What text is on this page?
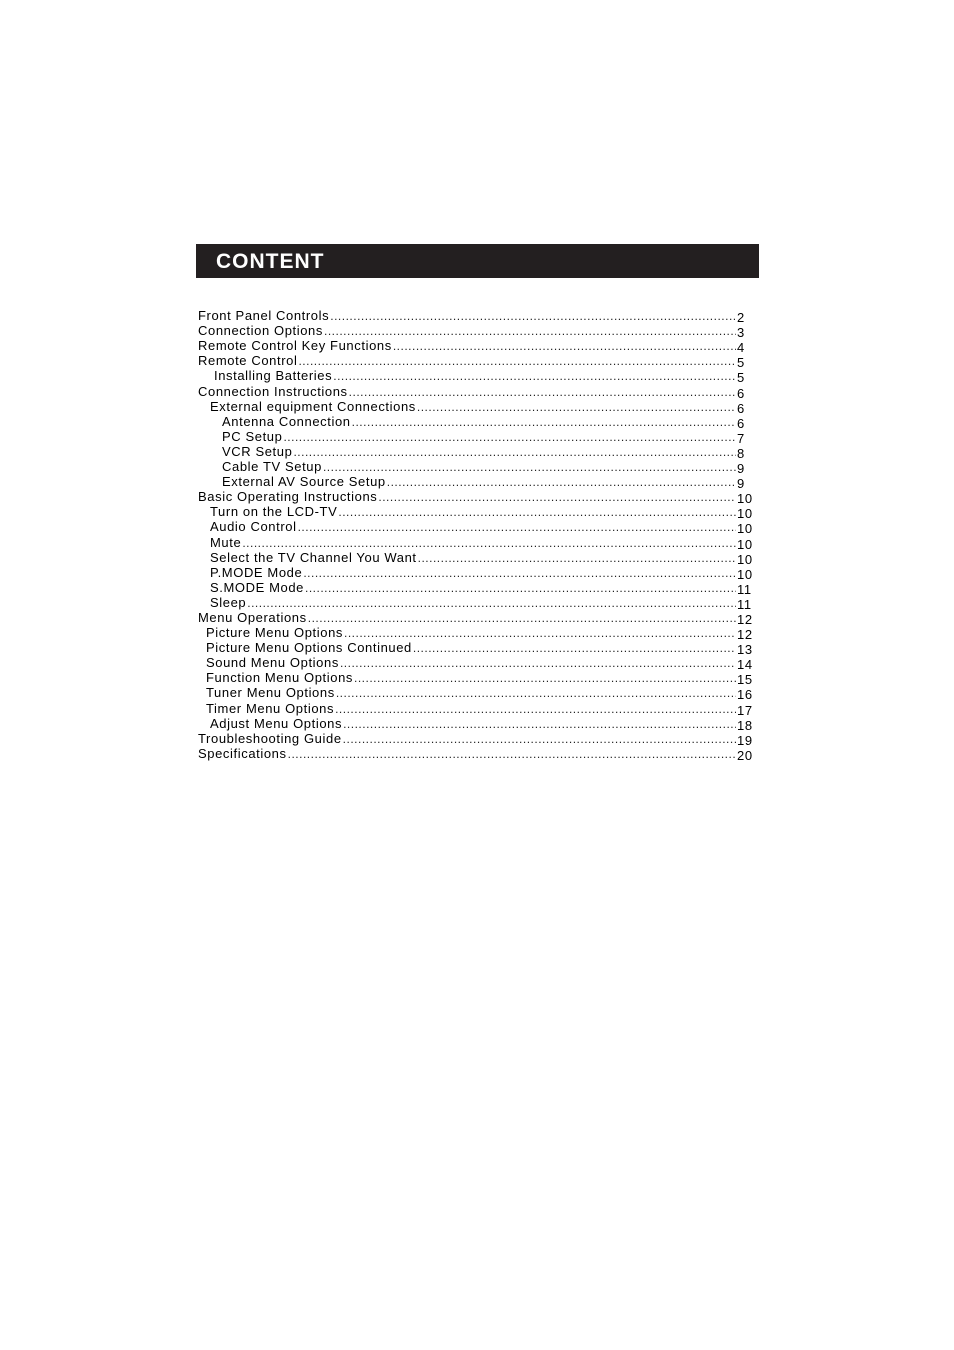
CONTENT
Front Panel Controls .....	2
Connection Options .....	3
Remote Control Key Functions .....	4
Remote Control .....	5
Installing Batteries .....	5
Connection Instructions .....	6
External equipment Connections .....	6
Antenna Connection .....	6
PC Setup .....	7
VCR Setup .....	8
Cable TV Setup .....	9
External AV Source Setup .....	9
Basic Operating Instructions .....	10
Turn on the LCD-TV .....	10
Audio Control .....	10
Mute .....	10
Select the TV Channel You Want .....	10
P.MODE Mode .....	10
S.MODE Mode .....	11
Sleep .....	11
Menu Operations .....	12
Picture Menu Options .....	12
Picture Menu Options Continued .....	13
Sound Menu Options .....	14
Function Menu Options .....	15
Tuner Menu Options .....	16
Timer Menu Options .....	17
Adjust Menu Options .....	18
Troubleshooting Guide .....	19
Specifications .....	20
